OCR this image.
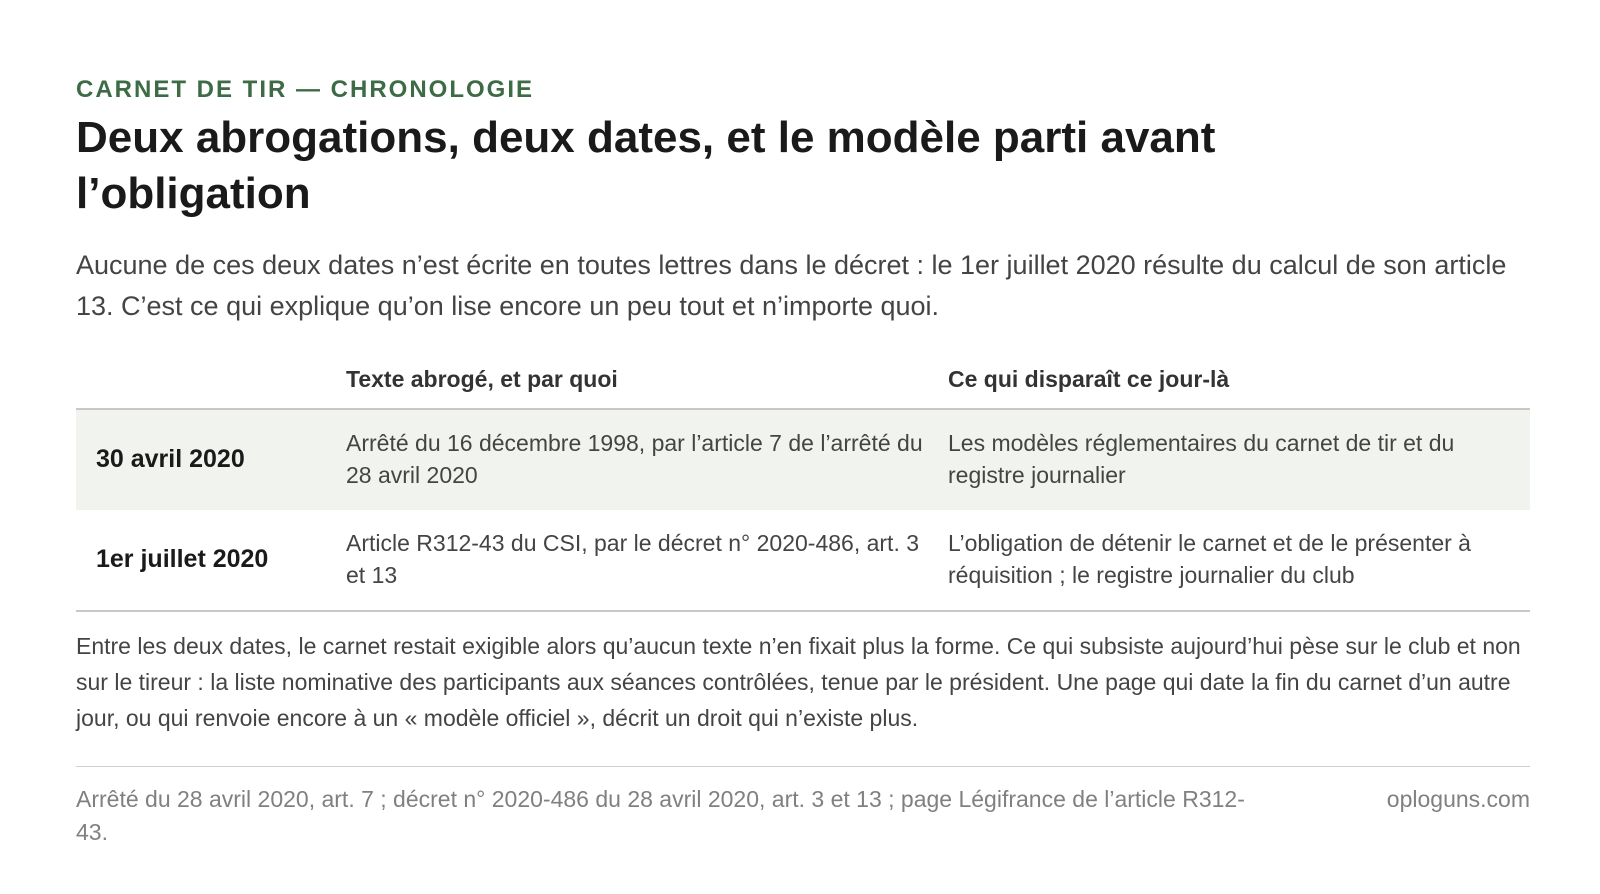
CARNET DE TIR — CHRONOLOGIE

Deux abrogations, deux dates, et le modèle parti avant l’obligation

Aucune de ces deux dates n’est écrite en toutes lettres dans le décret : le 1er juillet 2020 résulte du calcul de son article 13. C’est ce qui explique qu’on lise encore un peu tout et n’importe quoi.

	Texte abrogé, et par quoi	Ce qui disparaît ce jour-là
30 avril 2020	Arrêté du 16 décembre 1998, par l’article 7 de l’arrêté du 28 avril 2020	Les modèles réglementaires du carnet de tir et du registre journalier
1er juillet 2020	Article R312-43 du CSI, par le décret n° 2020-486, art. 3 et 13	L’obligation de détenir le carnet et de le présenter à réquisition ; le registre journalier du club

Entre les deux dates, le carnet restait exigible alors qu’aucun texte n’en fixait plus la forme. Ce qui subsiste aujourd’hui pèse sur le club et non sur le tireur : la liste nominative des participants aux séances contrôlées, tenue par le président. Une page qui date la fin du carnet d’un autre jour, ou qui renvoie encore à un « modèle officiel », décrit un droit qui n’existe plus.

Arrêté du 28 avril 2020, art. 7 ; décret n° 2020-486 du 28 avril 2020, art. 3 et 13 ; page Légifrance de l’article R312-43.

oploguns.com
